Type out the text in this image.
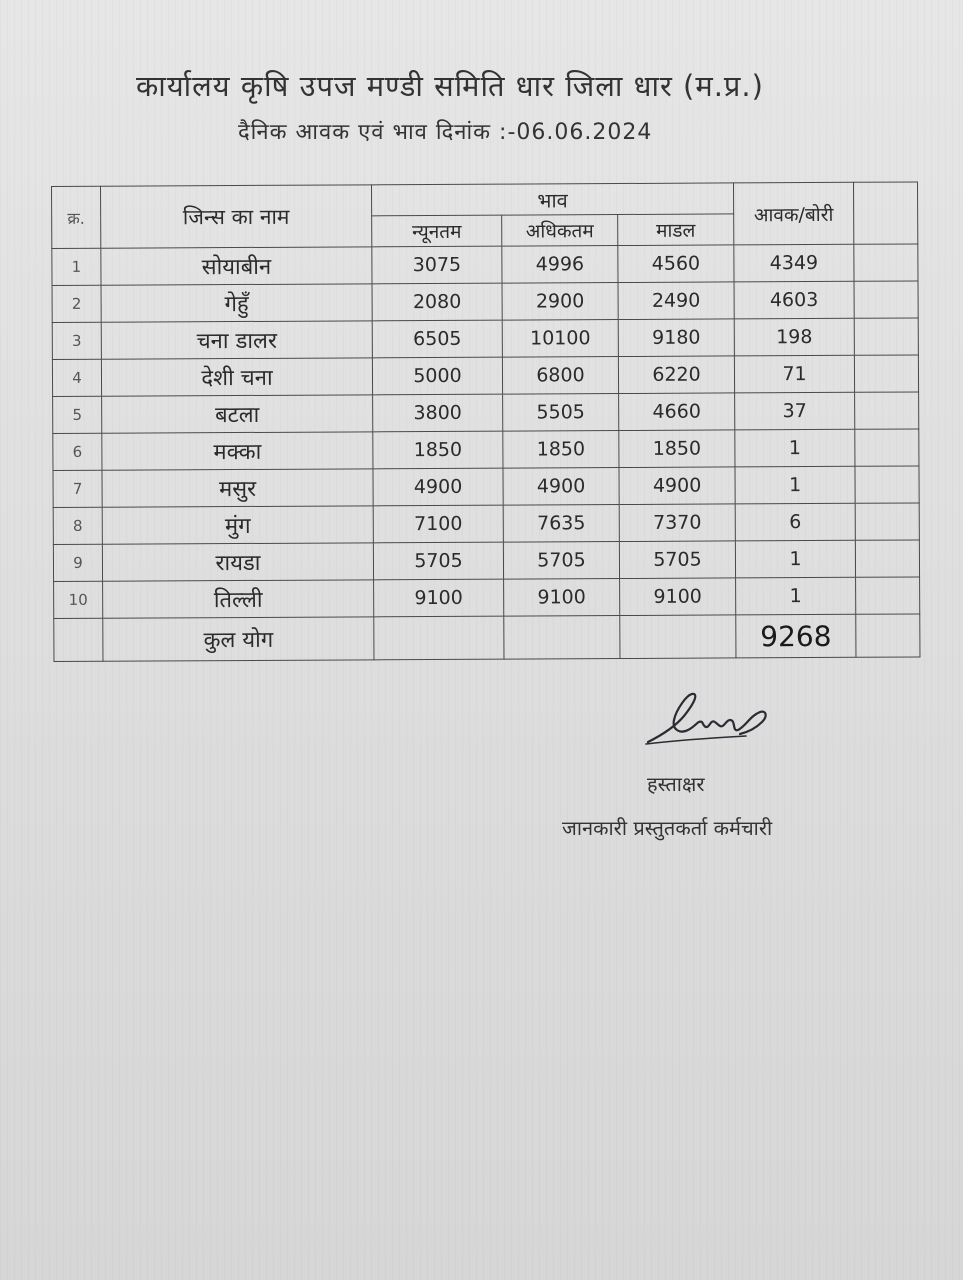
कार्यालय कृषि उपज मण्डी समिति धार जिला धार (म.प्र.)
दैनिक आवक एवं भाव दिनांक :-06.06.2024
क्र.	जिन्स का नाम	भाव			आवक/बोरी	
		न्यूनतम	अधिकतम	माडल		
1	सोयाबीन	3075	4996	4560	4349	
2	गेहुँ	2080	2900	2490	4603	
3	चना डालर	6505	10100	9180	198	
4	देशी चना	5000	6800	6220	71	
5	बटला	3800	5505	4660	37	
6	मक्का	1850	1850	1850	1	
7	मसुर	4900	4900	4900	1	
8	मुंग	7100	7635	7370	6	
9	रायडा	5705	5705	5705	1	
10	तिल्ली	9100	9100	9100	1	
	कुल योग				9268	
हस्ताक्षर
जानकारी प्रस्तुतकर्ता कर्मचारी
